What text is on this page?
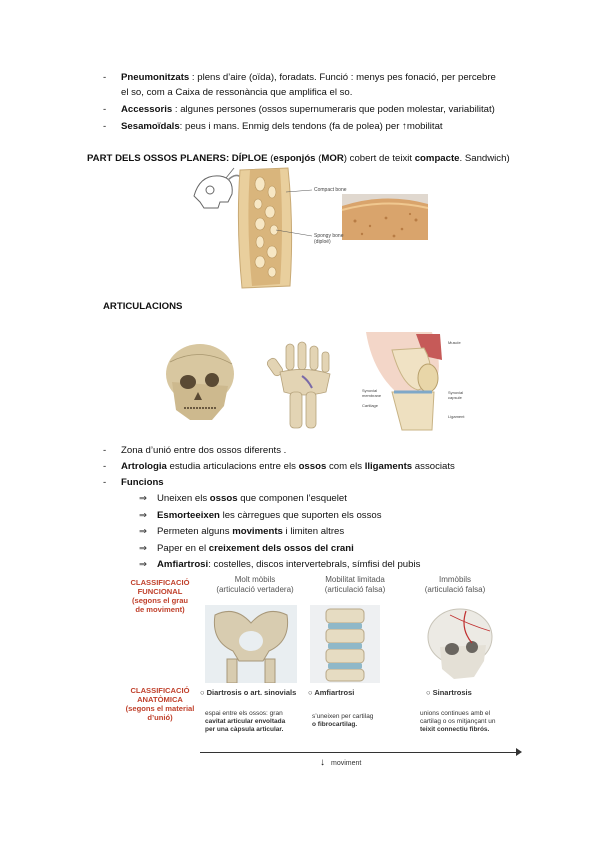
- Pneumonitzats : plens d’aire (oïda), foradats. Funció : menys pes fonació, per percebre
el so, com a Caixa de ressonància que amplifica el so.
- Accessoris : algunes persones (ossos supernumeraris que poden molestar, variabilitat)
- Sesamoïdals: peus i mans. Enmig dels tendons (fa de polea) per ↑mobilitat
PART DELS OSSOS PLANERS: DÍPLOE (esponjós (MOR) cobert de teixit compacte. Sandwich)
Compact bone
Spongy bone (diploë)
ARTICULACIONS
Muscle
Synovial membrane
Synovial capsule
Cartilage
Ligament
- Zona d’unió entre dos ossos diferents .
- Artrologia estudia articulacions entre els ossos com els lligaments associats
- Funcions
⇒ Uneixen els ossos que componen l’esquelet
⇒ Esmorteeixen les càrregues que suporten els ossos
⇒ Permeten alguns moviments i limiten altres
⇒ Paper en el creixement dels ossos del crani
⇒ Amfiartrosi: costelles, discos intervertebrals, símfisi del pubis
CLASSIFICACIÓ
FUNCIONAL
(segons el grau
de moviment)
CLASSIFICACIÓ
ANATÒMICA
(segons el material
d’unió)
Molt mòbils
(articulació vertadera)
Mobilitat limitada
(articulació falsa)
Immòbils
(articulació falsa)
○ Diartrosis o art. sinovials ○ Amfiartrosi	○ Sinartrosis
espai entre els ossos: gran
cavitat articular envoltada
per una càpsula articular.
s’uneixen per cartilag
o fibrocartilag.
unions continues amb el
cartilag o os mitjançant un
teixit connectiu fibrós.
↓ moviment
